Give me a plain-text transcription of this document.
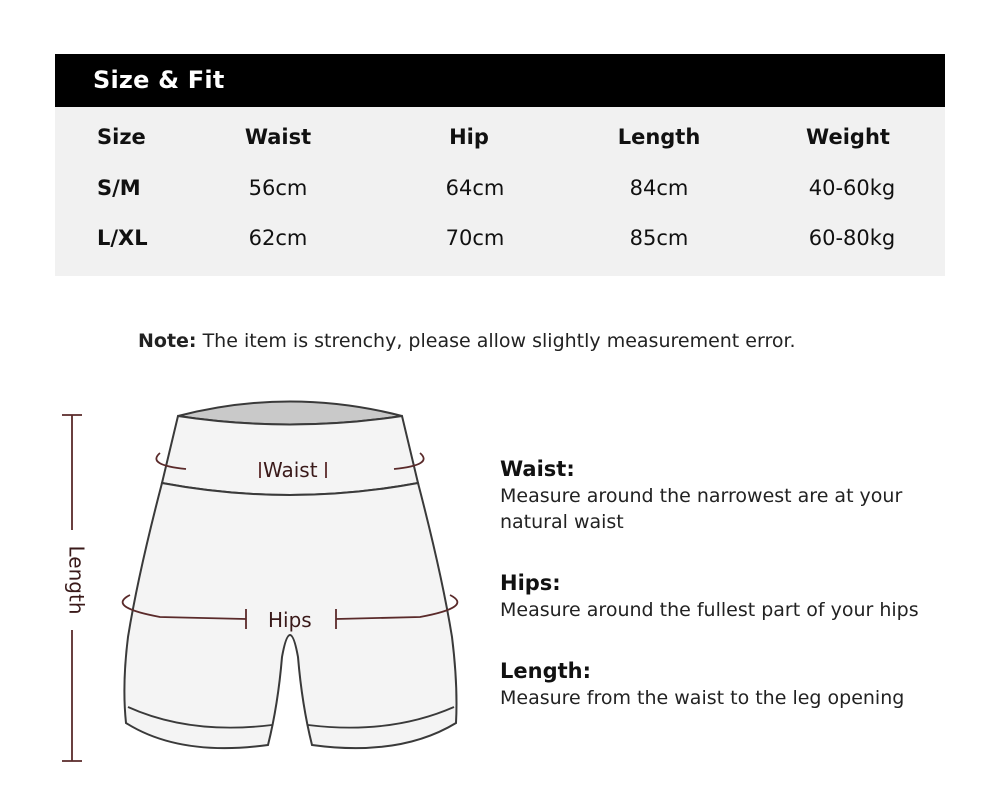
Size & Fit
Size	Waist	Hip	Length	Weight
S/M	56cm	64cm	84cm	40-60kg
L/XL	62cm	70cm	85cm	60-80kg
Note: The item is strenchy, please allow slightly measurement error.
Waist
Hips
Length
Waist:
Measure around the narrowest are at your natural waist
Hips:
Measure around the fullest part of your hips
Length:
Measure from the waist to the leg opening
